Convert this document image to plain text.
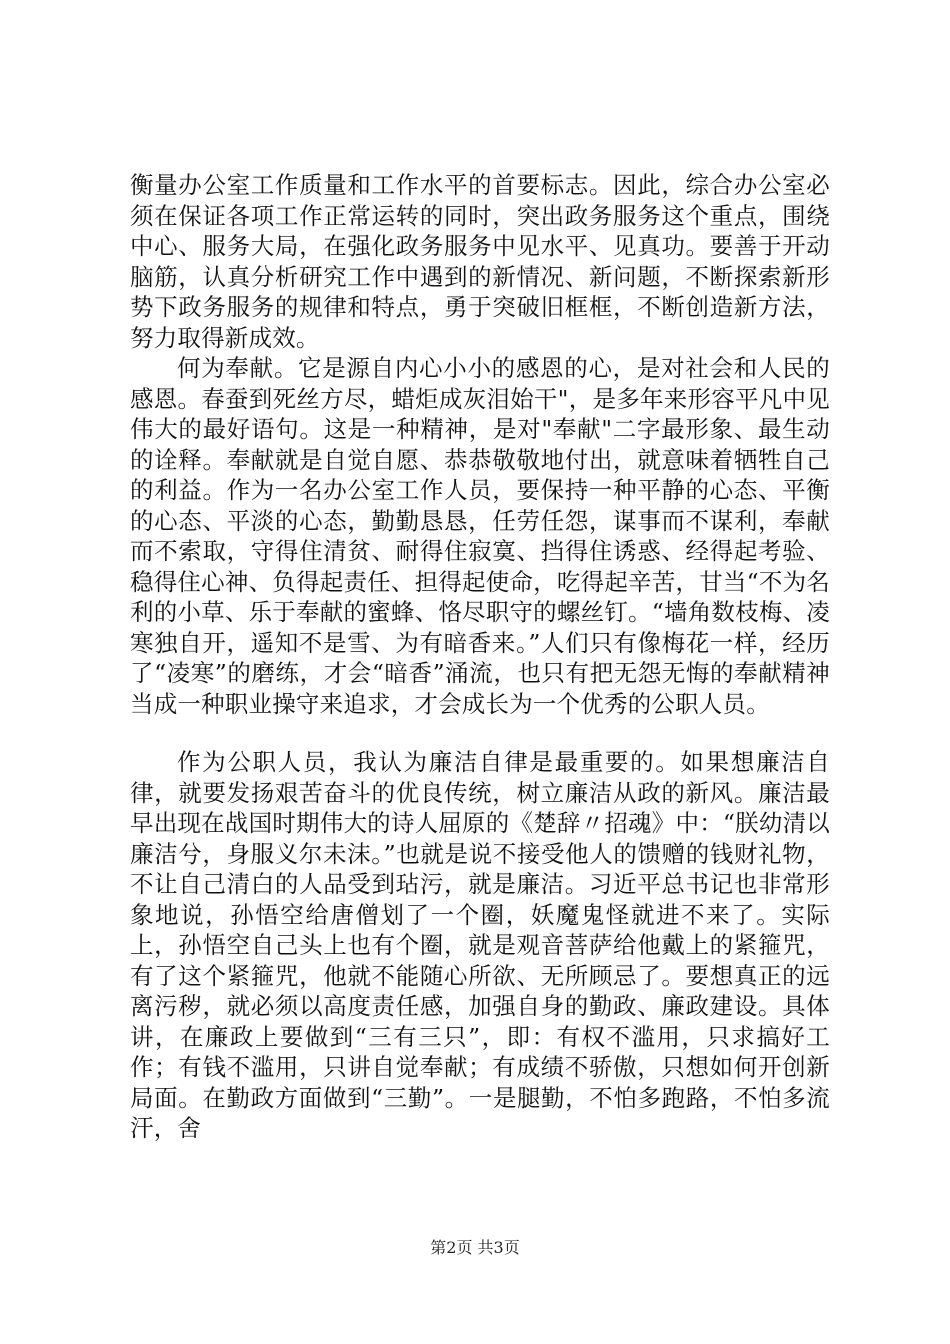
衡量办公室工作质量和工作水平的首要标志。因此，综合办公室必须在保证各项工作正常运转的同时，突出政务服务这个重点，围绕中心、服务大局，在强化政务服务中见水平、见真功。要善于开动脑筋，认真分析研究工作中遇到的新情况、新问题，不断探索新形势下政务服务的规律和特点，勇于突破旧框框，不断创造新方法，努力取得新成效。

何为奉献。它是源自内心小小的感恩的心，是对社会和人民的感恩。春蚕到死丝方尽，蜡炬成灰泪始干"，是多年来形容平凡中见伟大的最好语句。这是一种精神，是对"奉献"二字最形象、最生动的诠释。奉献就是自觉自愿、恭恭敬敬地付出，就意味着牺牲自己的利益。作为一名办公室工作人员，要保持一种平静的心态、平衡的心态、平淡的心态，勤勤恳恳，任劳任怨，谋事而不谋利，奉献而不索取，守得住清贫、耐得住寂寞、挡得住诱惑、经得起考验、稳得住心神、负得起责任、担得起使命，吃得起辛苦，甘当“不为名利的小草、乐于奉献的蜜蜂、恪尽职守的螺丝钉。“墙角数枝梅、凌寒独自开，遥知不是雪、为有暗香来。”人们只有像梅花一样，经历了“凌寒”的磨练，才会“暗香”涌流，也只有把无怨无悔的奉献精神当成一种职业操守来追求，才会成长为一个优秀的公职人员。

作为公职人员，我认为廉洁自律是最重要的。如果想廉洁自律，就要发扬艰苦奋斗的优良传统，树立廉洁从政的新风。廉洁最早出现在战国时期伟大的诗人屈原的《楚辞〃招魂》中：“朕幼清以廉洁兮，身服义尔未沫。”也就是说不接受他人的馈赠的钱财礼物，不让自己清白的人品受到玷污，就是廉洁。习近平总书记也非常形象地说，孙悟空给唐僧划了一个圈，妖魔鬼怪就进不来了。实际上，孙悟空自己头上也有个圈，就是观音菩萨给他戴上的紧箍咒，有了这个紧箍咒，他就不能随心所欲、无所顾忌了。要想真正的远离污秽，就必须以高度责任感，加强自身的勤政、廉政建设。具体讲，在廉政上要做到“三有三只”，即：有权不滥用，只求搞好工作；有钱不滥用，只讲自觉奉献；有成绩不骄傲，只想如何开创新局面。在勤政方面做到“三勤”。一是腿勤，不怕多跑路，不怕多流汗，舍

第2页 共3页
